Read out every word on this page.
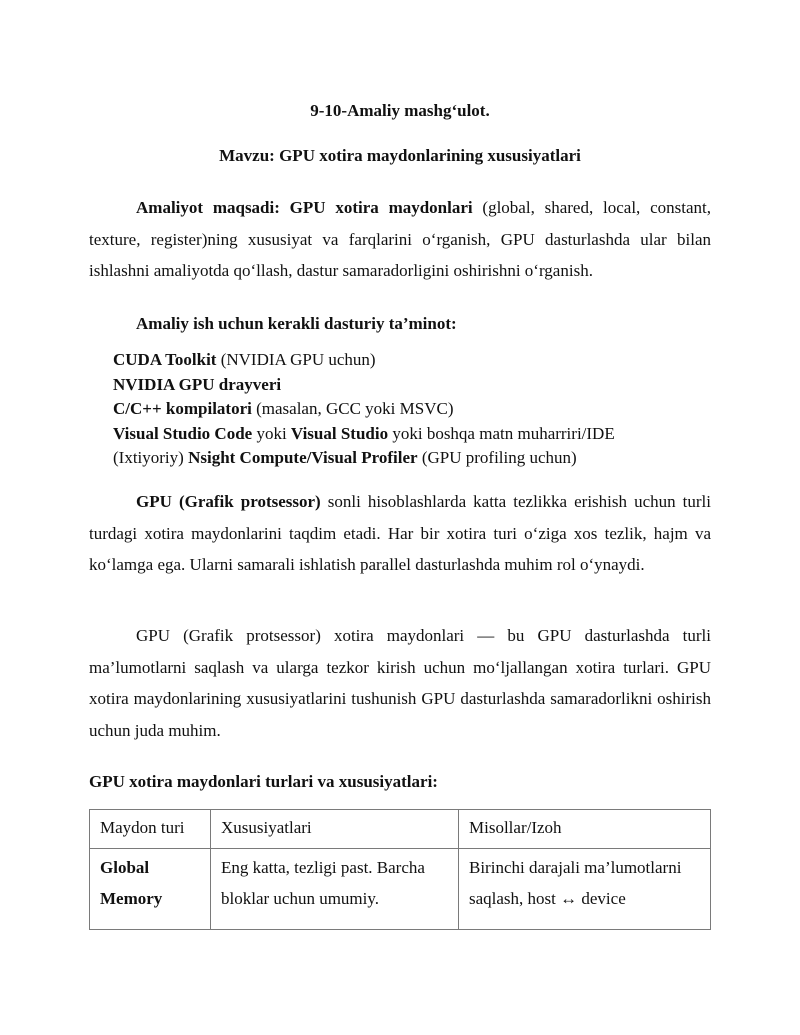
9-10-Amaliy mashg‘ulot.
Mavzu: GPU xotira maydonlarining xususiyatlari

Amaliyot maqsadi: GPU xotira maydonlari (global, shared, local, constant, texture, register)ning xususiyat va farqlarini o‘rganish, GPU dasturlashda ular bilan ishlashni amaliyotda qo‘llash, dastur samaradorligini oshirishni o‘rganish.

Amaliy ish uchun kerakli dasturiy ta’minot:
CUDA Toolkit (NVIDIA GPU uchun)
NVIDIA GPU drayveri
C/C++ kompilatori (masalan, GCC yoki MSVC)
Visual Studio Code yoki Visual Studio yoki boshqa matn muharriri/IDE
(Ixtiyoriy) Nsight Compute/Visual Profiler (GPU profiling uchun)

GPU (Grafik protsessor) sonli hisoblashlarda katta tezlikka erishish uchun turli turdagi xotira maydonlarini taqdim etadi. Har bir xotira turi o‘ziga xos tezlik, hajm va ko‘lamga ega. Ularni samarali ishlatish parallel dasturlashda muhim rol o‘ynaydi.

GPU (Grafik protsessor) xotira maydonlari — bu GPU dasturlashda turli ma’lumotlarni saqlash va ularga tezkor kirish uchun mo‘ljallangan xotira turlari. GPU xotira maydonlarining xususiyatlarini tushunish GPU dasturlashda samaradorlikni oshirish uchun juda muhim.

GPU xotira maydonlari turlari va xususiyatlari:
Maydon turi	Xususiyatlari	Misollar/Izoh
Global Memory	Eng katta, tezligi past. Barcha bloklar uchun umumiy.	Birinchi darajali ma’lumotlarni saqlash, host ↔ device
